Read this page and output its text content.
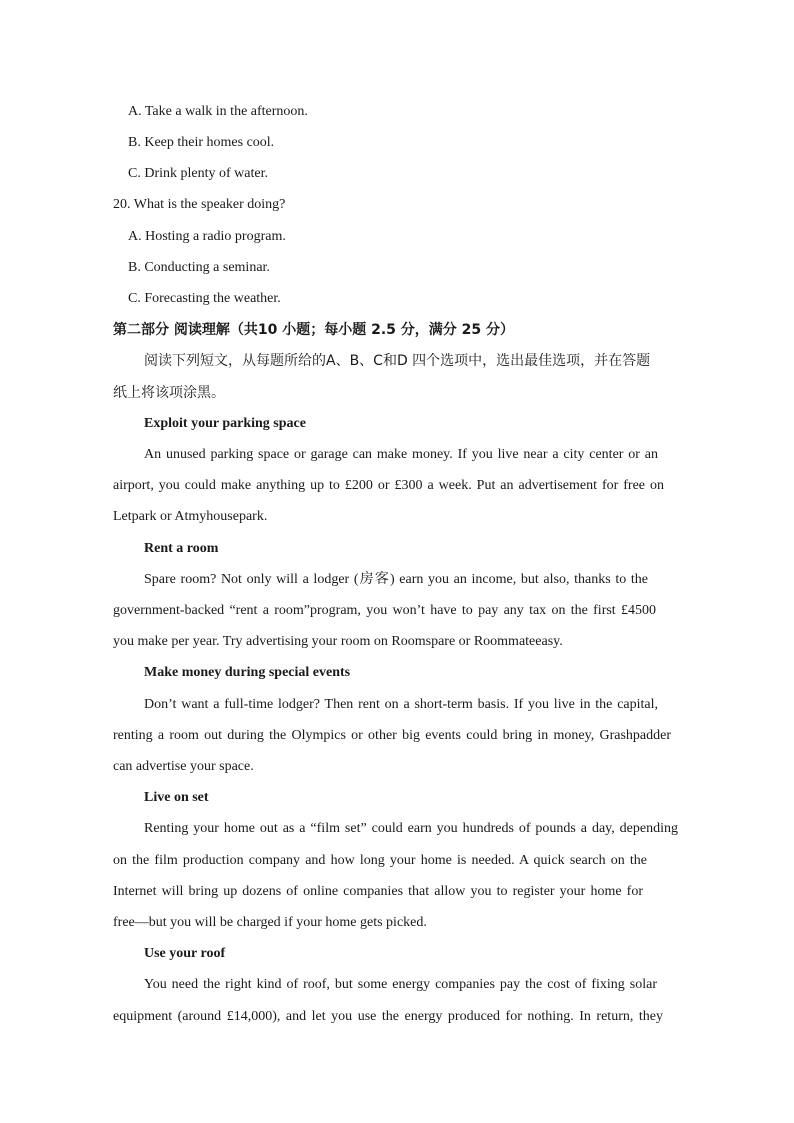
A. Take a walk in the afternoon.
B. Keep their homes cool.
C. Drink plenty of water.
20. What is the speaker doing?
A. Hosting a radio program.
B. Conducting a seminar.
C. Forecasting the weather.
第二部分 阅读理解（共10 小题；每小题 2.5 分，满分 25 分）
阅读下列短文，从每题所给的A、B、C和D 四个选项中，选出最佳选项，并在答题
纸上将该项涂黑。
Exploit your parking space
An unused parking space or garage can make money. If you live near a city center or an
airport, you could make anything up to £200 or £300 a week. Put an advertisement for free on
Letpark or Atmyhousepark.
Rent a room
Spare room? Not only will a lodger (房客) earn you an income, but also, thanks to the
government-backed “rent a room”program, you won’t have to pay any tax on the first £4500
you make per year. Try advertising your room on Roomspare or Roommateeasy.
Make money during special events
Don’t want a full-time lodger? Then rent on a short-term basis. If you live in the capital,
renting a room out during the Olympics or other big events could bring in money, Grashpadder
can advertise your space.
Live on set
Renting your home out as a “film set” could earn you hundreds of pounds a day, depending
on the film production company and how long your home is needed. A quick search on the
Internet will bring up dozens of online companies that allow you to register your home for
free—but you will be charged if your home gets picked.
Use your roof
You need the right kind of roof, but some energy companies pay the cost of fixing solar
equipment (around £14,000), and let you use the energy produced for nothing. In return, they
